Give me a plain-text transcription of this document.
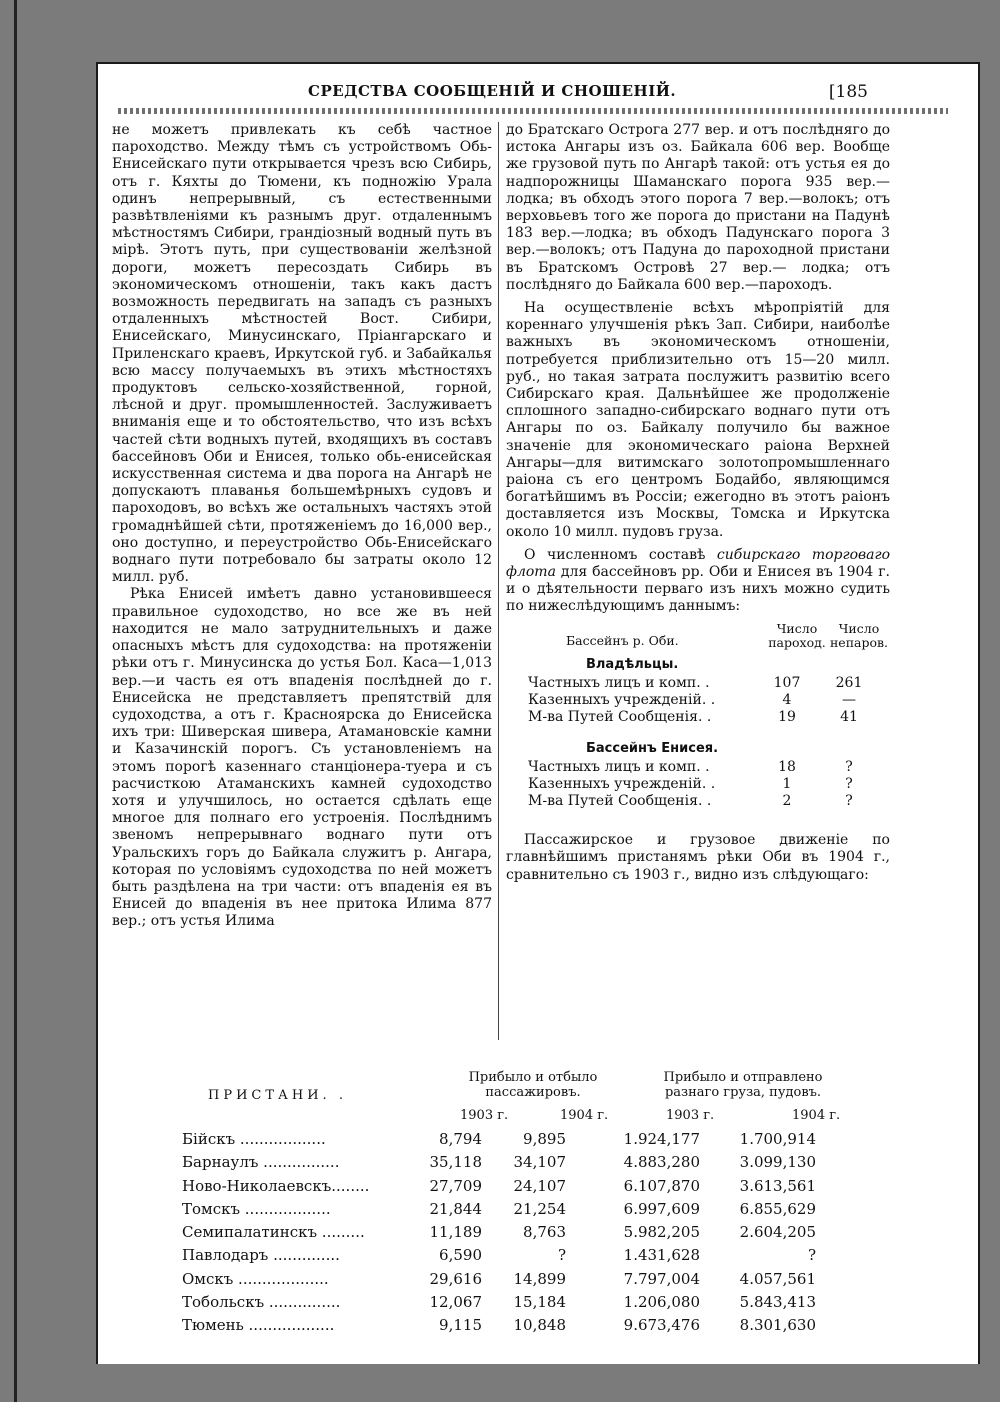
СРЕДСТВА СООБЩЕНІЙ И СНОШЕНІЙ.	[185

не можетъ привлекать къ себѣ частное пароходство. Между тѣмъ съ устройствомъ Обь-Енисейскаго пути открывается чрезъ всю Сибирь, отъ г. Кяхты до Тюмени, къ подножію Урала одинъ непрерывный, съ естественными развѣтвленіями къ разнымъ друг. отдаленнымъ мѣстностямъ Сибири, грандіозный водный путь въ мірѣ. Этотъ путь, при существованіи желѣзной дороги, можетъ пересоздать Сибирь въ экономическомъ отношеніи, такъ какъ дастъ возможность передвигать на западъ съ разныхъ отдаленныхъ мѣстностей Вост. Сибири, Енисейскаго, Минусинскаго, Пріангарскаго и Приленскаго краевъ, Иркутской губ. и Забайкалья всю массу получаемыхъ въ этихъ мѣстностяхъ продуктовъ сельско-хозяйственной, горной, лѣсной и друг. промышленностей. Заслуживаетъ вниманія еще и то обстоятельство, что изъ всѣхъ частей сѣти водныхъ путей, входящихъ въ составъ бассейновъ Оби и Енисея, только обь-енисейская искусственная система и два порога на Ангарѣ не допускаютъ плаванья большемѣрныхъ судовъ и пароходовъ, во всѣхъ же остальныхъ частяхъ этой громаднѣйшей сѣти, протяженіемъ до 16,000 вер., оно доступно, и переустройство Обь-Енисейскаго воднаго пути потребовало бы затраты около 12 милл. руб.

Рѣка Енисей имѣетъ давно установившееся правильное судоходство, но все же въ ней находится не мало затруднительныхъ и даже опасныхъ мѣстъ для судоходства: на протяженіи рѣки отъ г. Минусинска до устья Бол. Каса—1,013 вер.—и часть ея отъ впаденія послѣдней до г. Енисейска не представляетъ препятствій для судоходства, а отъ г. Красноярска до Енисейска ихъ три: Шиверская шивера, Атамановскіе камни и Казачинскій порогъ. Съ установленіемъ на этомъ порогѣ казеннаго станціонера-туера и съ расчисткою Атаманскихъ камней судоходство хотя и улучшилось, но остается сдѣлать еще многое для полнаго его устроенія. Послѣднимъ звеномъ непрерывнаго воднаго пути отъ Уральскихъ горъ до Байкала служитъ р. Ангара, которая по условіямъ судоходства по ней можетъ быть раздѣлена на три части: отъ впаденія ея въ Енисей до впаденія въ нее притока Илима 877 вер.; отъ устья Илима

до Братскаго Острога 277 вер. и отъ послѣдняго до истока Ангары изъ оз. Байкала 606 вер. Вообще же грузовой путь по Ангарѣ такой: отъ устья ея до надпорожницы Шаманскаго порога 935 вер.—лодка; въ обходъ этого порога 7 вер.—волокъ; отъ верховьевъ того же порога до пристани на Падунѣ 183 вер.—лодка; въ обходъ Падунскаго порога 3 вер.—волокъ; отъ Падуна до пароходной пристани въ Братскомъ Островѣ 27 вер.— лодка; отъ послѣдняго до Байкала 600 вер.—пароходъ.

На осуществленіе всѣхъ мѣропріятій для кореннаго улучшенія рѣкъ Зап. Сибири, наиболѣе важныхъ въ экономическомъ отношеніи, потребуется приблизительно отъ 15—20 милл. руб., но такая затрата послужитъ развитію всего Сибирскаго края. Дальнѣйшее же продолженіе сплошного западно-сибирскаго воднаго пути отъ Ангары по оз. Байкалу получило бы важное значеніе для экономическаго раіона Верхней Ангары—для витимскаго золотопромышленнаго раіона съ его центромъ Бодайбо, являющимся богатѣйшимъ въ Россіи; ежегодно въ этотъ раіонъ доставляется изъ Москвы, Томска и Иркутска около 10 милл. пудовъ груза.

О численномъ составѣ сибирскаго торговаго флота для бассейновъ рр. Оби и Енисея въ 1904 г. и о дѣятельности перваго изъ нихъ можно судить по нижеслѣдующимъ даннымъ:

Бассейнъ р. Оби.
Число пароход.
Число непаров.
Владѣльцы.
Частныхъ лицъ и комп. .	107	261
Казенныхъ учрежденій. .	4	—
М-ва Путей Сообщенія. .	19	41
Бассейнъ Енисея.
Частныхъ лицъ и комп. .	18	?
Казенныхъ учрежденій. .	1	?
М-ва Путей Сообщенія. .	2	?

Пассажирское и грузовое движеніе по главнѣйшимъ пристанямъ рѣки Оби въ 1904 г., сравнительно съ 1903 г., видно изъ слѣдующаго:

ПРИСТАНИ. .
Прибыло и отбыло пассажировъ.
Прибыло и отправлено разнаго груза, пудовъ.
1903 г.	1904 г.	1903 г.	1904 г.
Бійскъ ..................	8,794	9,895	1.924,177	1.700,914
Барнаулъ ................	35,118 34,107	4.883,280	3.099,130
Ново-Николаевскъ........	27,709 24,107	6.107,870	3.613,561
Томскъ ..................	21,844 21,254	6.997,609	6.855,629
Семипалатинскъ .........	11,189	8,763	5.982,205	2.604,205
Павлодаръ ..............	6,590	?	1.431,628	?
Омскъ ...................	29,616 14,899	7.797,004	4.057,561
Тобольскъ ...............	12,067 15,184	1.206,080	5.843,413
Тюмень ..................	9,115 10,848	9.673,476	8.301,630
